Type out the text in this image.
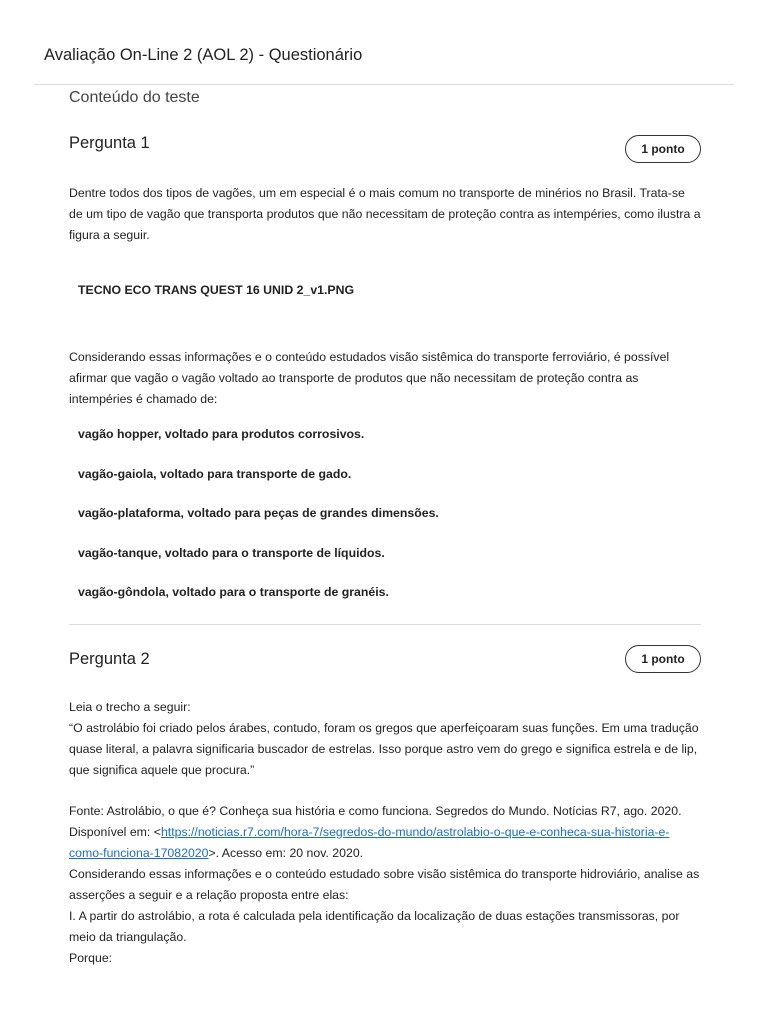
Avaliação On-Line 2 (AOL 2) - Questionário
Conteúdo do teste
Pergunta 1	1 ponto

Dentre todos dos tipos de vagões, um em especial é o mais comum no transporte de minérios no Brasil. Trata-se de um tipo de vagão que transporta produtos que não necessitam de proteção contra as intempéries, como ilustra a figura a seguir.

TECNO ECO TRANS QUEST 16 UNID 2_v1.PNG

Considerando essas informações e o conteúdo estudados visão sistêmica do transporte ferroviário, é possível afirmar que vagão o vagão voltado ao transporte de produtos que não necessitam de proteção contra as intempéries é chamado de:

vagão hopper, voltado para produtos corrosivos.
vagão-gaiola, voltado para transporte de gado.
vagão-plataforma, voltado para peças de grandes dimensões.
vagão-tanque, voltado para o transporte de líquidos.
vagão-gôndola, voltado para o transporte de granéis.
Pergunta 2	1 ponto

Leia o trecho a seguir:

“O astrolábio foi criado pelos árabes, contudo, foram os gregos que aperfeiçoaram suas funções. Em uma tradução quase literal, a palavra significaria buscador de estrelas. Isso porque astro vem do grego e significa estrela e de lip, que significa aquele que procura.”

Fonte: Astrolábio, o que é? Conheça sua história e como funciona. Segredos do Mundo. Notícias R7, ago. 2020. Disponível em: <https://noticias.r7.com/hora-7/segredos-do-mundo/astrolabio-o-que-e-conheca-sua-historia-e-como-funciona-17082020>. Acesso em: 20 nov. 2020.

Considerando essas informações e o conteúdo estudado sobre visão sistêmica do transporte hidroviário, analise as asserções a seguir e a relação proposta entre elas:

I. A partir do astrolábio, a rota é calculada pela identificação da localização de duas estações transmissoras, por meio da triangulação.

Porque:
